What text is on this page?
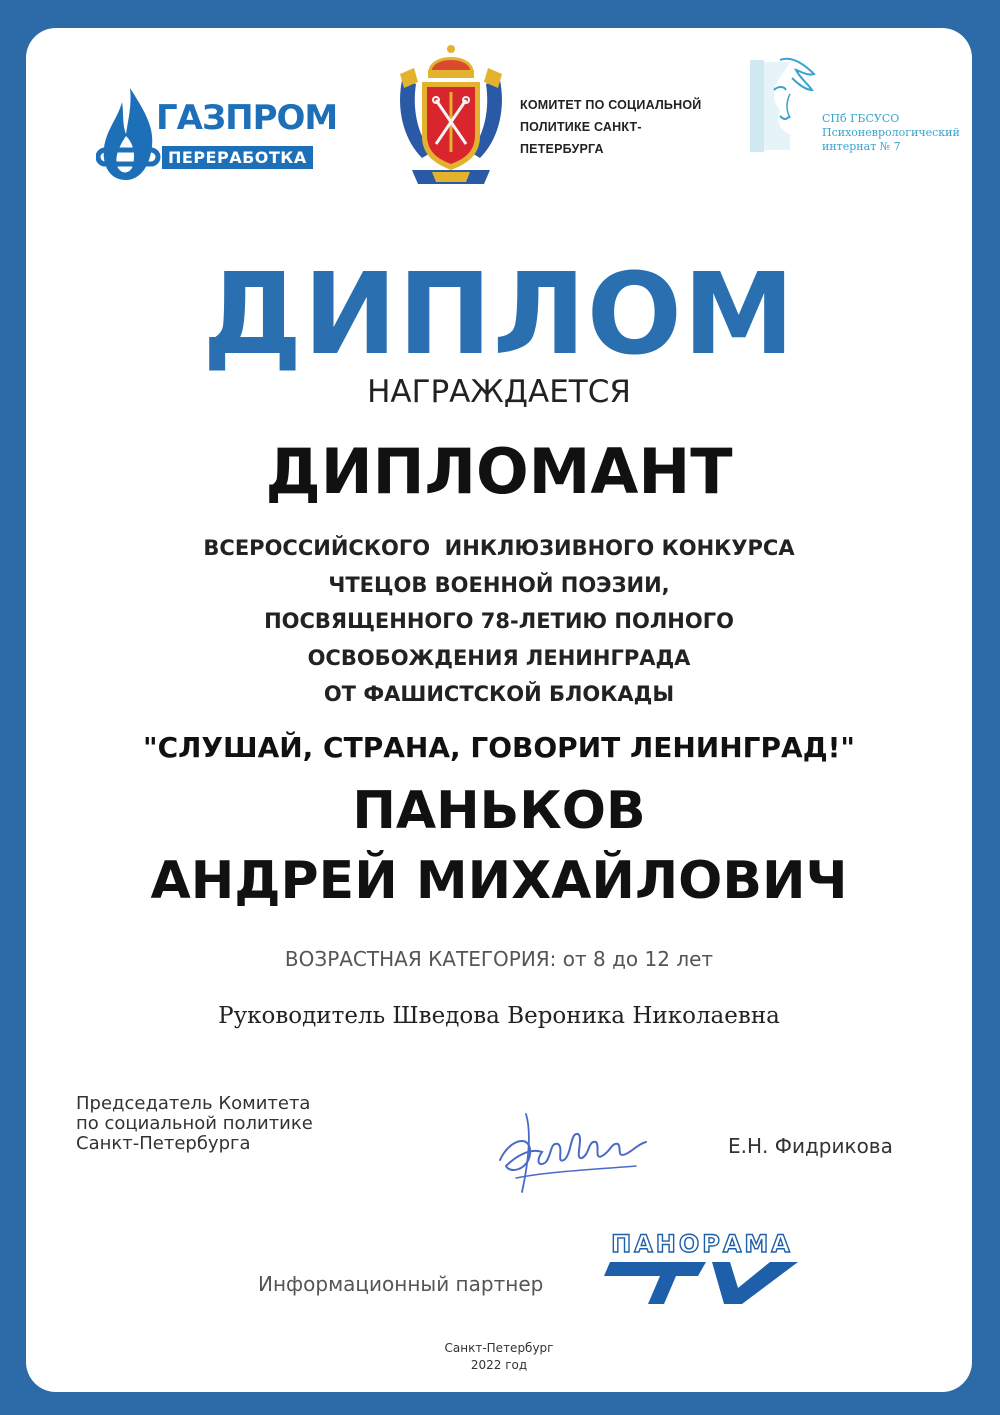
ГАЗПРОМ
ПЕРЕРАБОТКА
КОМИТЕТ ПО СОЦИАЛЬНОЙ
ПОЛИТИКЕ САНКТ-ПЕТЕРБУРГА
СПб ГБСУСО
Психоневрологический
интернат № 7
ДИПЛОМ
НАГРАЖДАЕТСЯ
ДИПЛОМАНТ
ВСЕРОССИЙСКОГО  ИНКЛЮЗИВНОГО КОНКУРСА
ЧТЕЦОВ ВОЕННОЙ ПОЭЗИИ,
ПОСВЯЩЕННОГО 78-ЛЕТИЮ ПОЛНОГО
ОСВОБОЖДЕНИЯ ЛЕНИНГРАДА
ОТ ФАШИСТСКОЙ БЛОКАДЫ
"СЛУШАЙ, СТРАНА, ГОВОРИТ ЛЕНИНГРАД!"
ПАНЬКОВ
АНДРЕЙ МИХАЙЛОВИЧ
ВОЗРАСТНАЯ КАТЕГОРИЯ: от 8 до 12 лет
Руководитель Шведова Вероника Николаевна
Председатель Комитета
по социальной политике
Санкт-Петербурга	Е.Н. Фидрикова
Информационный партнер
ПАНОРАМА
Санкт-Петербург
2022 год
